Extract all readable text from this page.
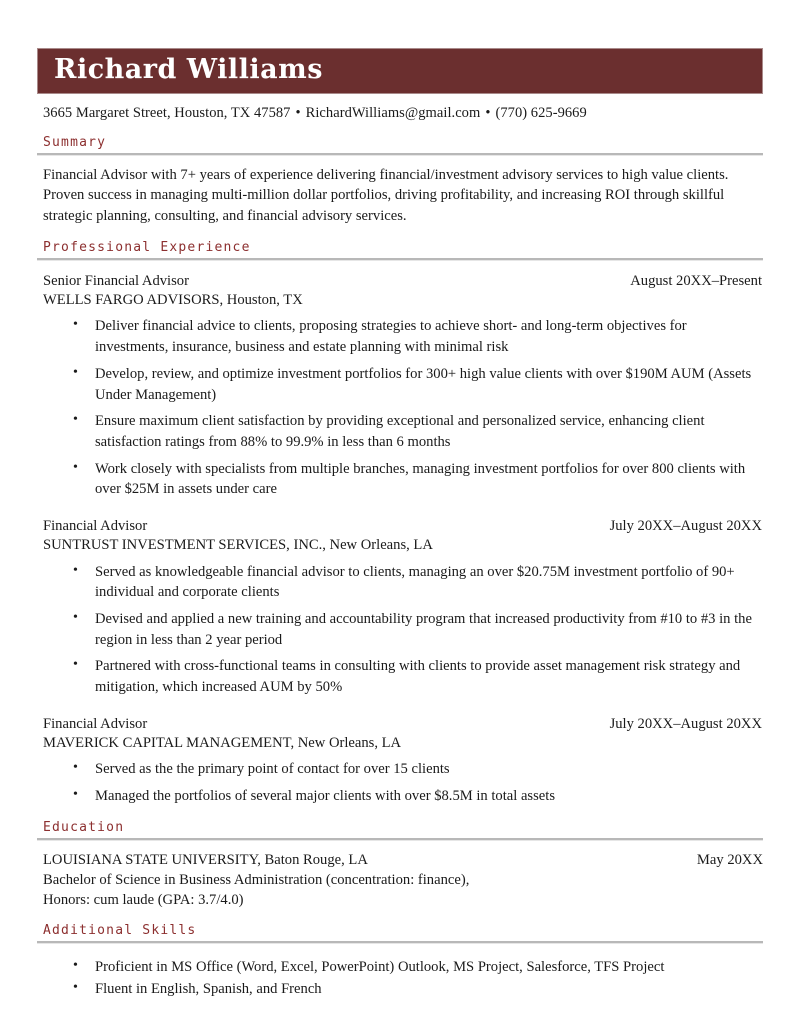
Richard Williams
3665 Margaret Street, Houston, TX 47587 • RichardWilliams@gmail.com • (770) 625-9669
Summary
Financial Advisor with 7+ years of experience delivering financial/investment advisory services to high value clients. Proven success in managing multi-million dollar portfolios, driving profitability, and increasing ROI through skillful strategic planning, consulting, and financial advisory services.
Professional Experience
Senior Financial Advisor	August 20XX–Present
WELLS FARGO ADVISORS, Houston, TX
• Deliver financial advice to clients, proposing strategies to achieve short- and long-term objectives for investments, insurance, business and estate planning with minimal risk
• Develop, review, and optimize investment portfolios for 300+ high value clients with over $190M AUM (Assets Under Management)
• Ensure maximum client satisfaction by providing exceptional and personalized service, enhancing client satisfaction ratings from 88% to 99.9% in less than 6 months
• Work closely with specialists from multiple branches, managing investment portfolios for over 800 clients with over $25M in assets under care
Financial Advisor	July 20XX–August 20XX
SUNTRUST INVESTMENT SERVICES, INC., New Orleans, LA
• Served as knowledgeable financial advisor to clients, managing an over $20.75M investment portfolio of 90+ individual and corporate clients
• Devised and applied a new training and accountability program that increased productivity from #10 to #3 in the region in less than 2 year period
• Partnered with cross-functional teams in consulting with clients to provide asset management risk strategy and mitigation, which increased AUM by 50%
Financial Advisor	July 20XX–August 20XX
MAVERICK CAPITAL MANAGEMENT, New Orleans, LA
• Served as the the primary point of contact for over 15 clients
• Managed the portfolios of several major clients with over $8.5M in total assets
Education
LOUISIANA STATE UNIVERSITY, Baton Rouge, LA	May 20XX
Bachelor of Science in Business Administration (concentration: finance),
Honors: cum laude (GPA: 3.7/4.0)
Additional Skills
• Proficient in MS Office (Word, Excel, PowerPoint) Outlook, MS Project, Salesforce, TFS Project
• Fluent in English, Spanish, and French
